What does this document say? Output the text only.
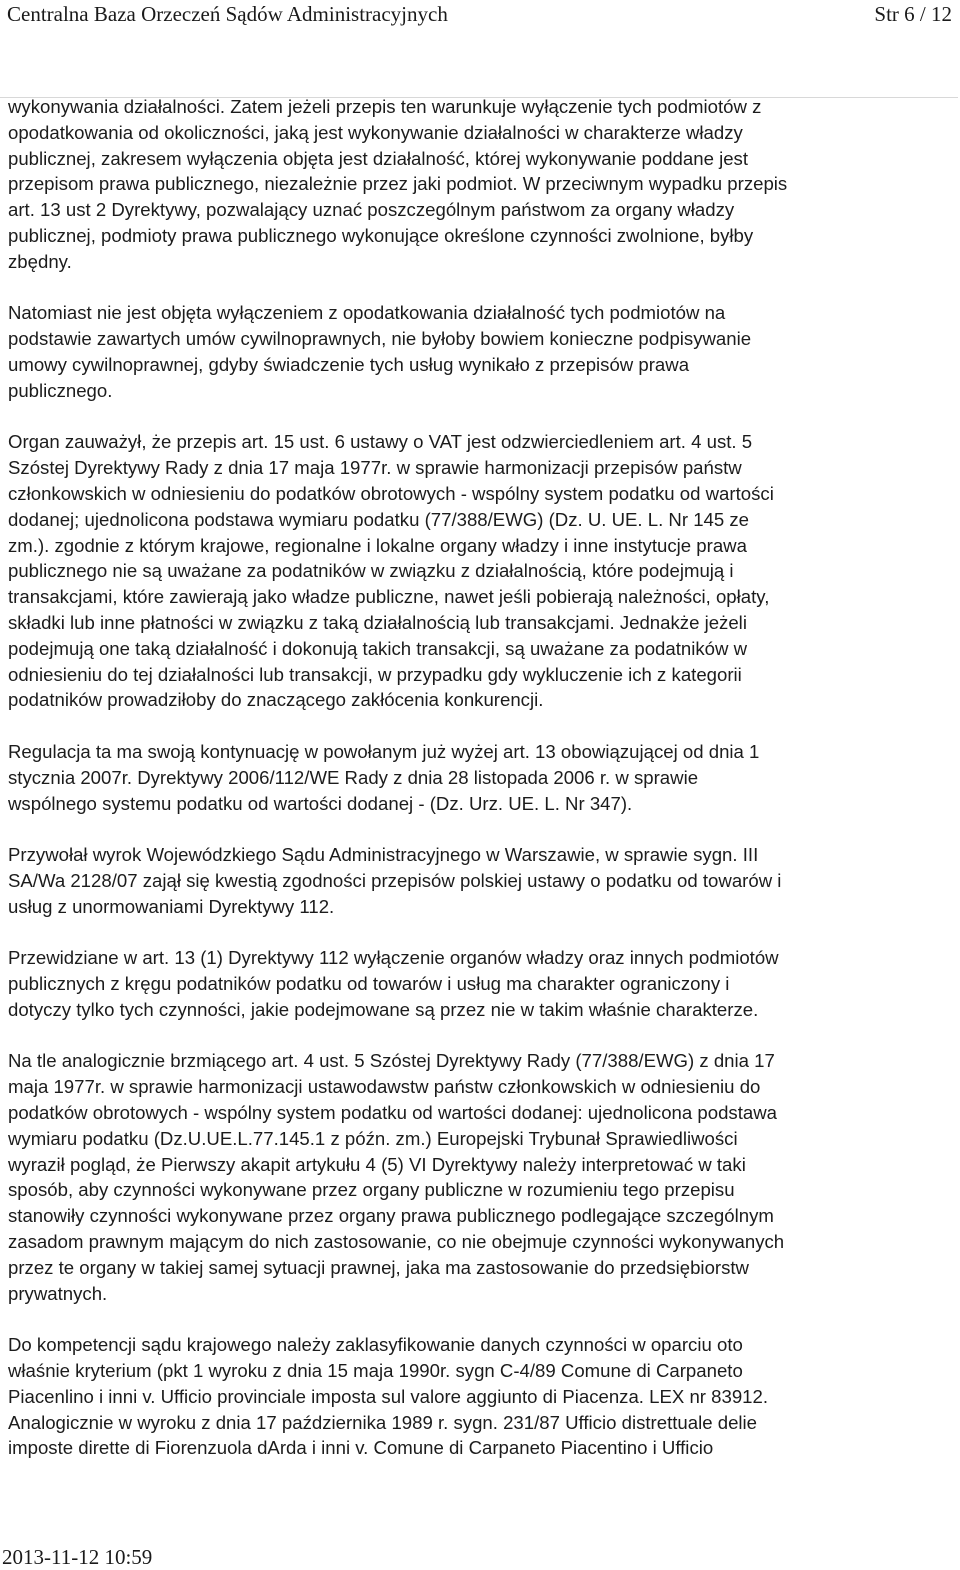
Centralna Baza Orzeczeń Sądów Administracyjnych	Str 6 / 12

wykonywania działalności. Zatem jeżeli przepis ten warunkuje wyłączenie tych podmiotów z
opodatkowania od okoliczności, jaką jest wykonywanie działalności w charakterze władzy
publicznej, zakresem wyłączenia objęta jest działalność, której wykonywanie poddane jest
przepisom prawa publicznego, niezależnie przez jaki podmiot. W przeciwnym wypadku przepis
art. 13 ust 2 Dyrektywy, pozwalający uznać poszczególnym państwom za organy władzy
publicznej, podmioty prawa publicznego wykonujące określone czynności zwolnione, byłby
zbędny.

Natomiast nie jest objęta wyłączeniem z opodatkowania działalność tych podmiotów na
podstawie zawartych umów cywilnoprawnych, nie byłoby bowiem konieczne podpisywanie
umowy cywilnoprawnej, gdyby świadczenie tych usług wynikało z przepisów prawa
publicznego.

Organ zauważył, że przepis art. 15 ust. 6 ustawy o VAT jest odzwierciedleniem art. 4 ust. 5
Szóstej Dyrektywy Rady z dnia 17 maja 1977r. w sprawie harmonizacji przepisów państw
członkowskich w odniesieniu do podatków obrotowych - wspólny system podatku od wartości
dodanej; ujednolicona podstawa wymiaru podatku (77/388/EWG) (Dz. U. UE. L. Nr 145 ze
zm.). zgodnie z którym krajowe, regionalne i lokalne organy władzy i inne instytucje prawa
publicznego nie są uważane za podatników w związku z działalnością, które podejmują i
transakcjami, które zawierają jako władze publiczne, nawet jeśli pobierają należności, opłaty,
składki lub inne płatności w związku z taką działalnością lub transakcjami. Jednakże jeżeli
podejmują one taką działalność i dokonują takich transakcji, są uważane za podatników w
odniesieniu do tej działalności lub transakcji, w przypadku gdy wykluczenie ich z kategorii
podatników prowadziłoby do znaczącego zakłócenia konkurencji.

Regulacja ta ma swoją kontynuację w powołanym już wyżej art. 13 obowiązującej od dnia 1
stycznia 2007r. Dyrektywy 2006/112/WE Rady z dnia 28 listopada 2006 r. w sprawie
wspólnego systemu podatku od wartości dodanej - (Dz. Urz. UE. L. Nr 347).

Przywołał wyrok Wojewódzkiego Sądu Administracyjnego w Warszawie, w sprawie sygn. III
SA/Wa 2128/07 zajął się kwestią zgodności przepisów polskiej ustawy o podatku od towarów i
usług z unormowaniami Dyrektywy 112.

Przewidziane w art. 13 (1) Dyrektywy 112 wyłączenie organów władzy oraz innych podmiotów
publicznych z kręgu podatników podatku od towarów i usług ma charakter ograniczony i
dotyczy tylko tych czynności, jakie podejmowane są przez nie w takim właśnie charakterze.

Na tle analogicznie brzmiącego art. 4 ust. 5 Szóstej Dyrektywy Rady (77/388/EWG) z dnia 17
maja 1977r. w sprawie harmonizacji ustawodawstw państw członkowskich w odniesieniu do
podatków obrotowych - wspólny system podatku od wartości dodanej: ujednolicona podstawa
wymiaru podatku (Dz.U.UE.L.77.145.1 z późn. zm.) Europejski Trybunał Sprawiedliwości
wyraził pogląd, że Pierwszy akapit artykułu 4 (5) VI Dyrektywy należy interpretować w taki
sposób, aby czynności wykonywane przez organy publiczne w rozumieniu tego przepisu
stanowiły czynności wykonywane przez organy prawa publicznego podlegające szczególnym
zasadom prawnym mającym do nich zastosowanie, co nie obejmuje czynności wykonywanych
przez te organy w takiej samej sytuacji prawnej, jaka ma zastosowanie do przedsiębiorstw
prywatnych.

Do kompetencji sądu krajowego należy zaklasyfikowanie danych czynności w oparciu oto
właśnie kryterium (pkt 1 wyroku z dnia 15 maja 1990r. sygn C-4/89 Comune di Carpaneto
Piacenlino i inni v. Ufficio provinciale imposta sul valore aggiunto di Piacenza. LEX nr 83912.
Analogicznie w wyroku z dnia 17 października 1989 r. sygn. 231/87 Ufficio distrettuale delie
imposte dirette di Fiorenzuola dArda i inni v. Comune di Carpaneto Piacentino i Ufficio

2013-11-12 10:59
